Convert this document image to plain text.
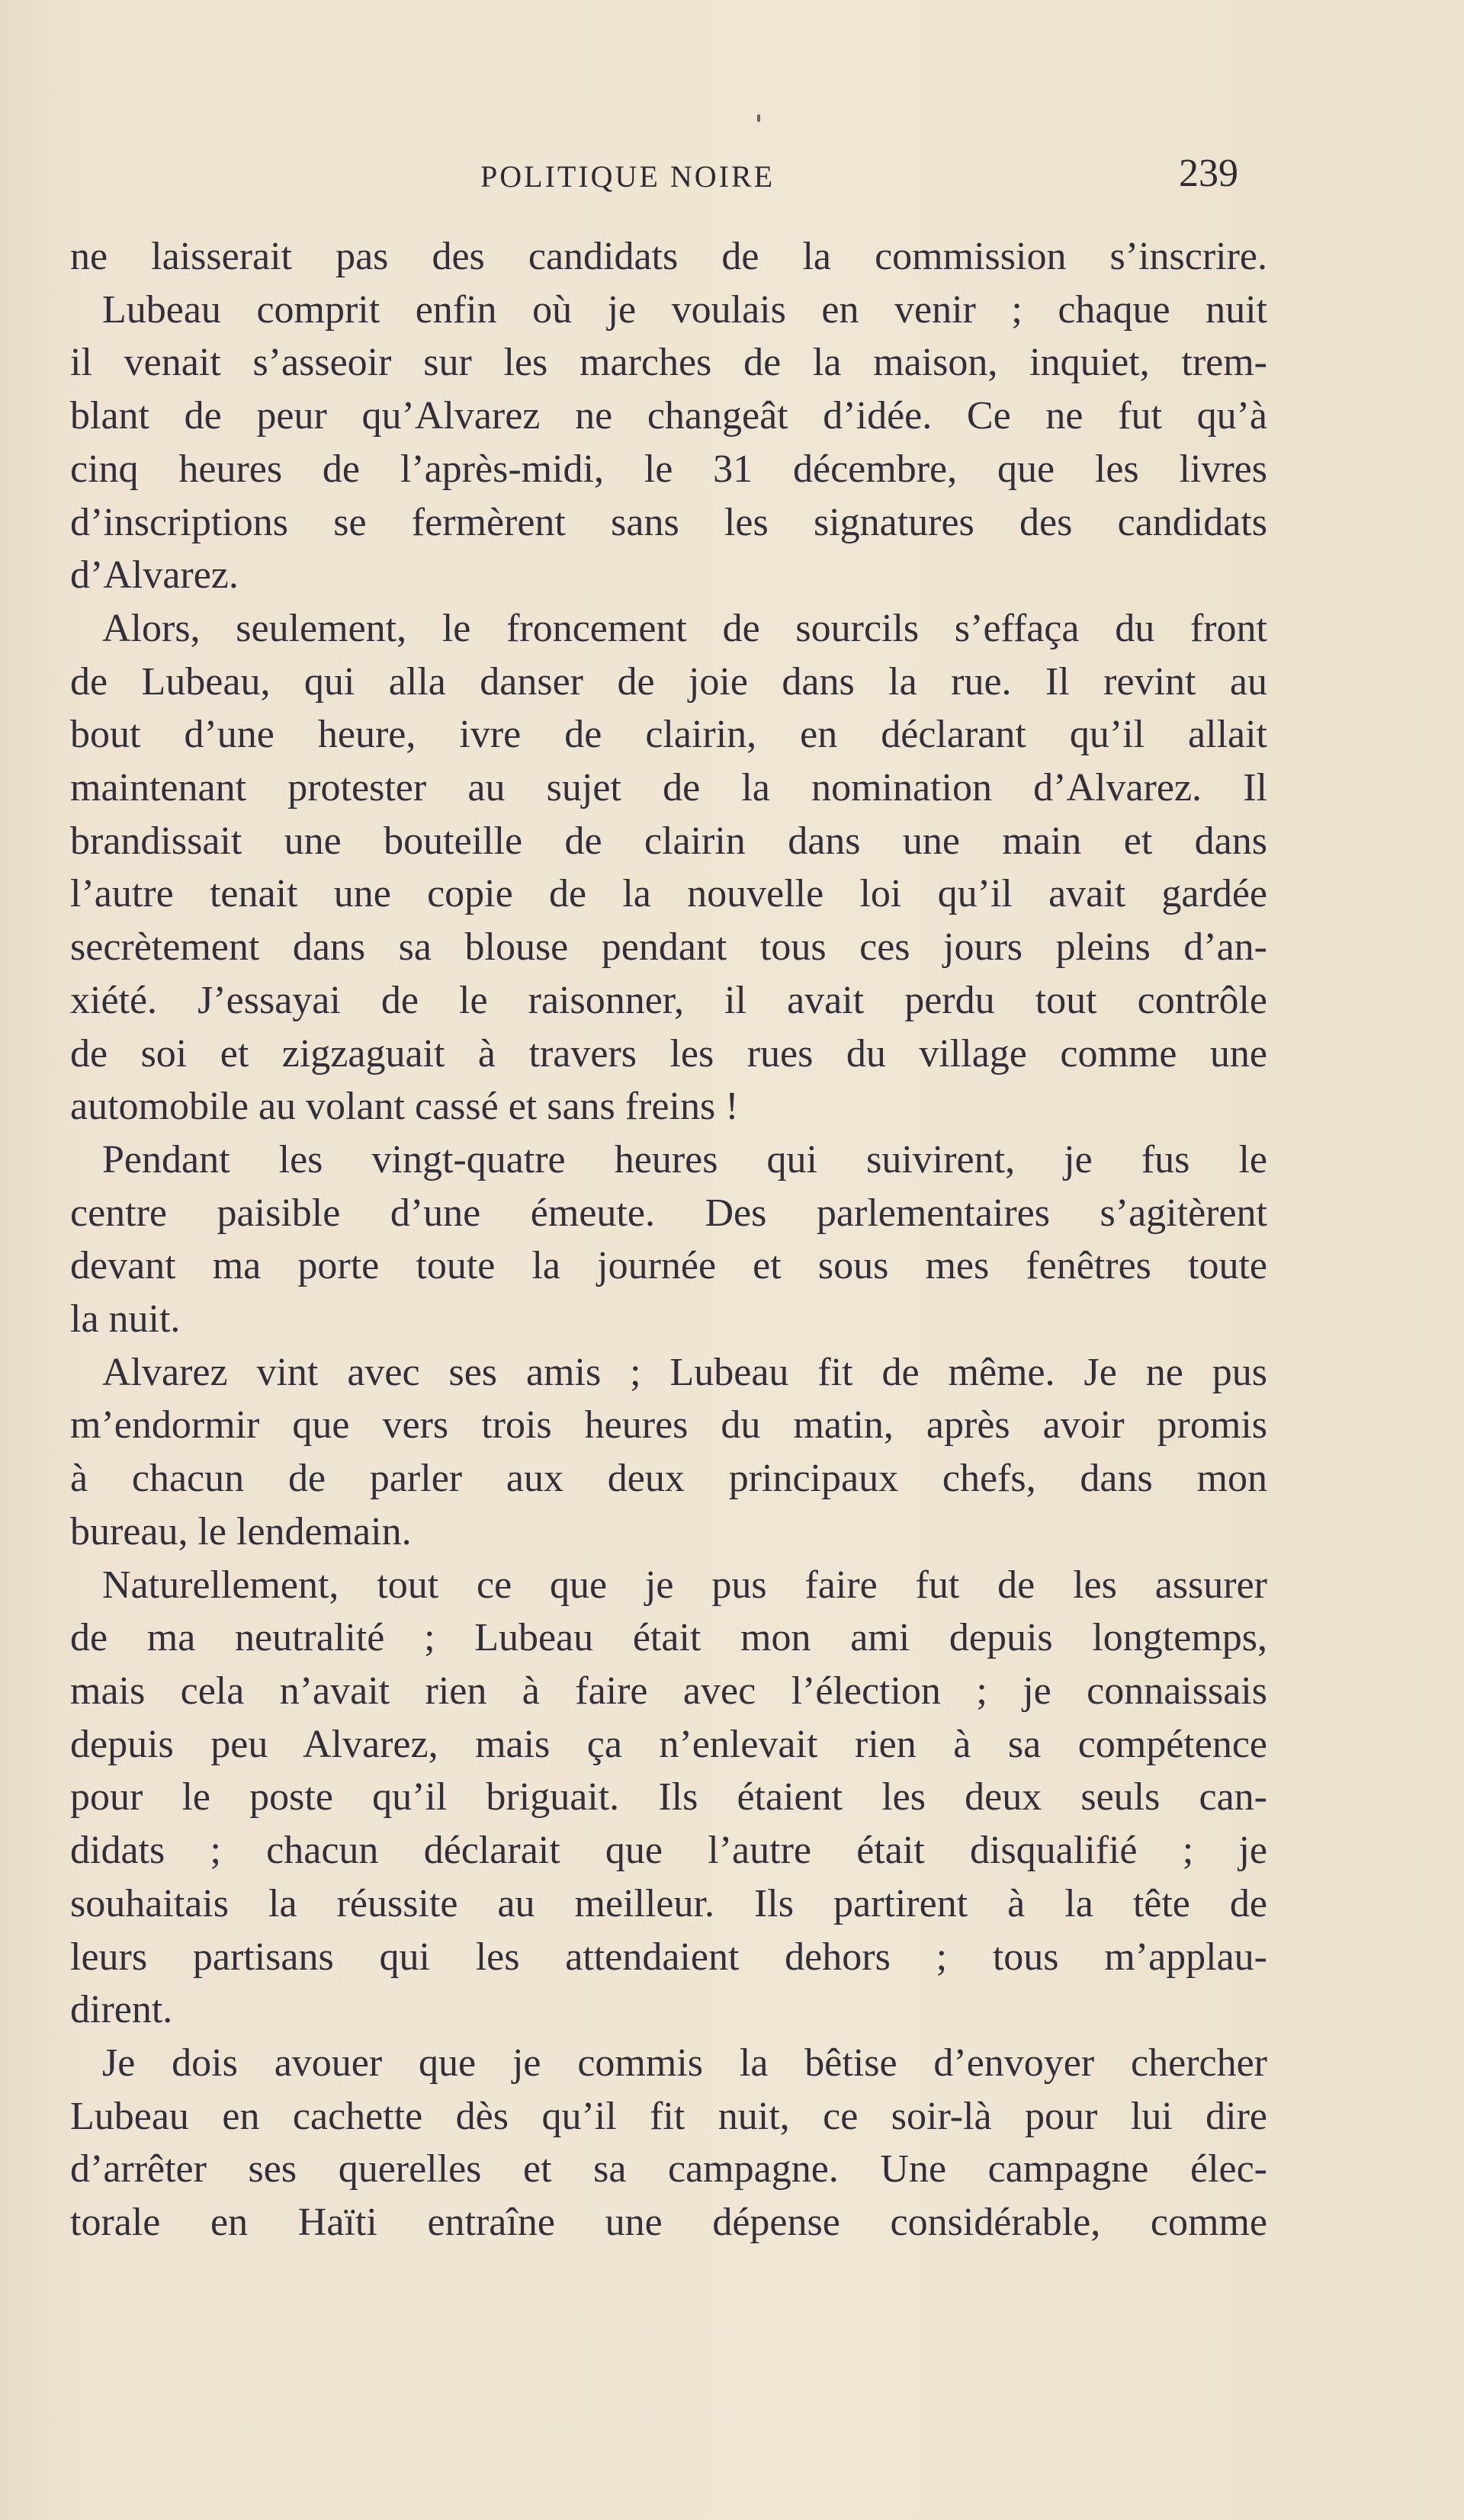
POLITIQUE NOIRE	239
ne laisserait pas des candidats de la commission s’inscrire.
Lubeau comprit enfin où je voulais en venir ; chaque nuit
il venait s’asseoir sur les marches de la maison, inquiet, trem-
blant de peur qu’Alvarez ne changeât d’idée. Ce ne fut qu’à
cinq heures de l’après-midi, le 31 décembre, que les livres
d’inscriptions se fermèrent sans les signatures des candidats
d’Alvarez.
Alors, seulement, le froncement de sourcils s’effaça du front
de Lubeau, qui alla danser de joie dans la rue. Il revint au
bout d’une heure, ivre de clairin, en déclarant qu’il allait
maintenant protester au sujet de la nomination d’Alvarez. Il
brandissait une bouteille de clairin dans une main et dans
l’autre tenait une copie de la nouvelle loi qu’il avait gardée
secrètement dans sa blouse pendant tous ces jours pleins d’an-
xiété. J’essayai de le raisonner, il avait perdu tout contrôle
de soi et zigzaguait à travers les rues du village comme une
automobile au volant cassé et sans freins !
Pendant les vingt-quatre heures qui suivirent, je fus le
centre paisible d’une émeute. Des parlementaires s’agitèrent
devant ma porte toute la journée et sous mes fenêtres toute
la nuit.
Alvarez vint avec ses amis ; Lubeau fit de même. Je ne pus
m’endormir que vers trois heures du matin, après avoir promis
à chacun de parler aux deux principaux chefs, dans mon
bureau, le lendemain.
Naturellement, tout ce que je pus faire fut de les assurer
de ma neutralité ; Lubeau était mon ami depuis longtemps,
mais cela n’avait rien à faire avec l’élection ; je connaissais
depuis peu Alvarez, mais ça n’enlevait rien à sa compétence
pour le poste qu’il briguait. Ils étaient les deux seuls can-
didats ; chacun déclarait que l’autre était disqualifié ; je
souhaitais la réussite au meilleur. Ils partirent à la tête de
leurs partisans qui les attendaient dehors ; tous m’applau-
dirent.
Je dois avouer que je commis la bêtise d’envoyer chercher
Lubeau en cachette dès qu’il fit nuit, ce soir-là pour lui dire
d’arrêter ses querelles et sa campagne. Une campagne élec-
torale en Haïti entraîne une dépense considérable, comme
